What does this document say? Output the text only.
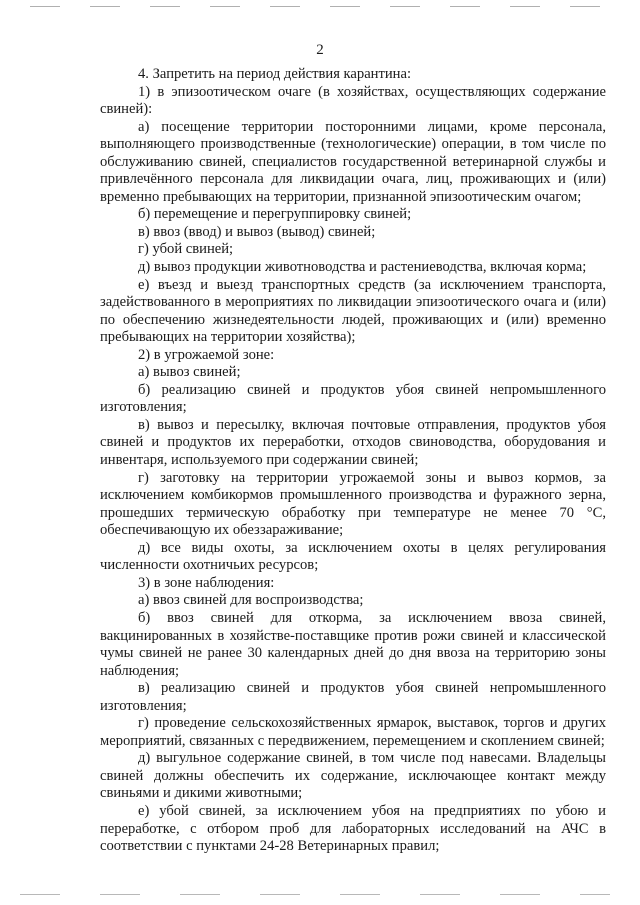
2

4. Запретить на период действия карантина:

1) в эпизоотическом очаге (в хозяйствах, осуществляющих содержание свиней):

а) посещение территории посторонними лицами, кроме персонала, выполняющего производственные (технологические) операции, в том числе по обслуживанию свиней, специалистов государственной ветеринарной службы и привлечённого персонала для ликвидации очага, лиц, проживающих и (или) временно пребывающих на территории, признанной эпизоотическим очагом;

б) перемещение и перегруппировку свиней;

в) ввоз (ввод) и вывоз (вывод) свиней;

г) убой свиней;

д) вывоз продукции животноводства и растениеводства, включая корма;

е) въезд и выезд транспортных средств (за исключением транспорта, задействованного в мероприятиях по ликвидации эпизоотического очага и (или) по обеспечению жизнедеятельности людей, проживающих и (или) временно пребывающих на территории хозяйства);

2) в угрожаемой зоне:

а) вывоз свиней;

б) реализацию свиней и продуктов убоя свиней непромышленного изготовления;

в) вывоз и пересылку, включая почтовые отправления, продуктов убоя свиней и продуктов их переработки, отходов свиноводства, оборудования и инвентаря, используемого при содержании свиней;

г) заготовку на территории угрожаемой зоны и вывоз кормов, за исключением комбикормов промышленного производства и фуражного зерна, прошедших термическую обработку при температуре не менее 70 °С, обеспечивающую их обеззараживание;

д) все виды охоты, за исключением охоты в целях регулирования численности охотничьих ресурсов;

3) в зоне наблюдения:

а) ввоз свиней для воспроизводства;

б) ввоз свиней для откорма, за исключением ввоза свиней, вакцинированных в хозяйстве-поставщике против рожи свиней и классической чумы свиней не ранее 30 календарных дней до дня ввоза на территорию зоны наблюдения;

в) реализацию свиней и продуктов убоя свиней непромышленного изготовления;

г) проведение сельскохозяйственных ярмарок, выставок, торгов и других мероприятий, связанных с передвижением, перемещением и скоплением свиней;

д) выгульное содержание свиней, в том числе под навесами. Владельцы свиней должны обеспечить их содержание, исключающее контакт между свиньями и дикими животными;

е) убой свиней, за исключением убоя на предприятиях по убою и переработке, с отбором проб для лабораторных исследований на АЧС в соответствии с пунктами 24-28 Ветеринарных правил;
